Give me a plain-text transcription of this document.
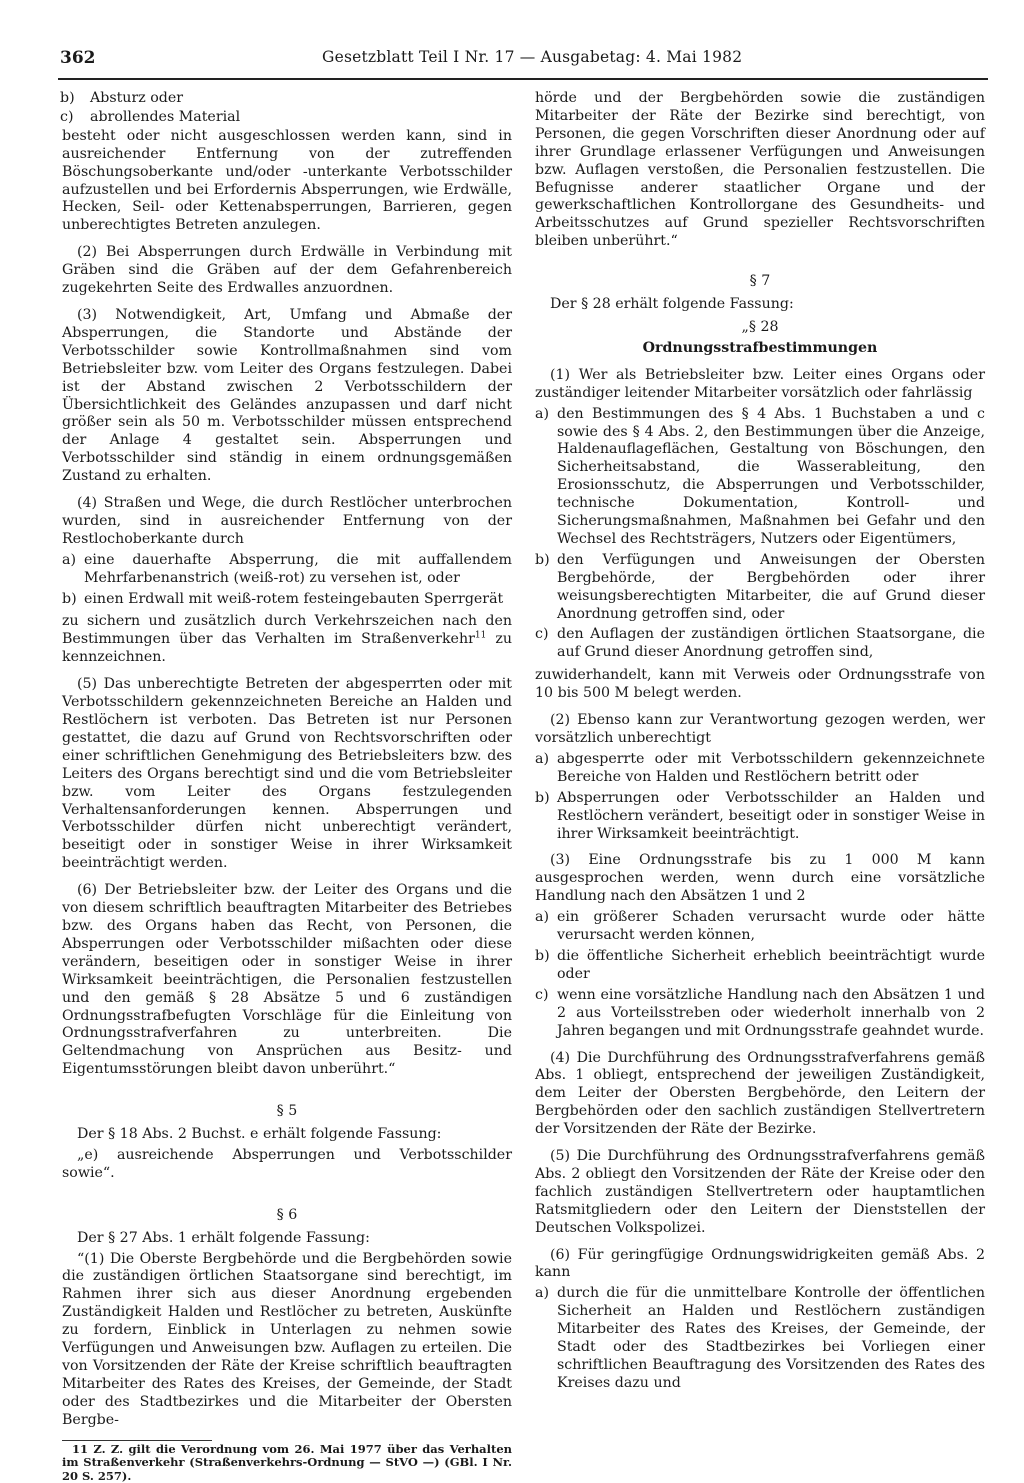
362	Gesetzblatt Teil I Nr. 17 — Ausgabetag: 4. Mai 1982
b) Absturz oder
c) abrollendes Material

besteht oder nicht ausgeschlossen werden kann, sind in ausreichender Entfernung von der zutreffenden Böschungsoberkante und/oder -unterkante Verbotsschilder aufzustellen und bei Erfordernis Absperrungen, wie Erdwälle, Hecken, Seil- oder Kettenabsperrungen, Barrieren, gegen unberechtigtes Betreten anzulegen.

(2) Bei Absperrungen durch Erdwälle in Verbindung mit Gräben sind die Gräben auf der dem Gefahrenbereich zugekehrten Seite des Erdwalles anzuordnen.

(3) Notwendigkeit, Art, Umfang und Abmaße der Absperrungen, die Standorte und Abstände der Verbotsschilder sowie Kontrollmaßnahmen sind vom Betriebsleiter bzw. vom Leiter des Organs festzulegen. Dabei ist der Abstand zwischen 2 Verbotsschildern der Übersichtlichkeit des Geländes anzupassen und darf nicht größer sein als 50 m. Verbotsschilder müssen entsprechend der Anlage 4 gestaltet sein. Absperrungen und Verbotsschilder sind ständig in einem ordnungsgemäßen Zustand zu erhalten.

(4) Straßen und Wege, die durch Restlöcher unterbrochen wurden, sind in ausreichender Entfernung von der Restlochoberkante durch

a) eine dauerhafte Absperrung, die mit auffallendem Mehrfarbenanstrich (weiß-rot) zu versehen ist, oder
b) einen Erdwall mit weiß-rotem festeingebauten Sperrgerät

zu sichern und zusätzlich durch Verkehrszeichen nach den Bestimmungen über das Verhalten im Straßenverkehr$^{11}$ zu kennzeichnen.

(5) Das unberechtigte Betreten der abgesperrten oder mit Verbotsschildern gekennzeichneten Bereiche an Halden und Restlöchern ist verboten. Das Betreten ist nur Personen gestattet, die dazu auf Grund von Rechtsvorschriften oder einer schriftlichen Genehmigung des Betriebsleiters bzw. des Leiters des Organs berechtigt sind und die vom Betriebsleiter bzw. vom Leiter des Organs festzulegenden Verhaltensanforderungen kennen. Absperrungen und Verbotsschilder dürfen nicht unberechtigt verändert, beseitigt oder in sonstiger Weise in ihrer Wirksamkeit beeinträchtigt werden.

(6) Der Betriebsleiter bzw. der Leiter des Organs und die von diesem schriftlich beauftragten Mitarbeiter des Betriebes bzw. des Organs haben das Recht, von Personen, die Absperrungen oder Verbotsschilder mißachten oder diese verändern, beseitigen oder in sonstiger Weise in ihrer Wirksamkeit beeinträchtigen, die Personalien festzustellen und den gemäß § 28 Absätze 5 und 6 zuständigen Ordnungsstrafbefugten Vorschläge für die Einleitung von Ordnungsstrafverfahren zu unterbreiten. Die Geltendmachung von Ansprüchen aus Besitz- und Eigentumsstörungen bleibt davon unberührt.“

§ 5

Der § 18 Abs. 2 Buchst. e erhält folgende Fassung:

„e) ausreichende Absperrungen und Verbotsschilder sowie“.

§ 6

Der § 27 Abs. 1 erhält folgende Fassung:

“(1) Die Oberste Bergbehörde und die Bergbehörden sowie die zuständigen örtlichen Staatsorgane sind berechtigt, im Rahmen ihrer sich aus dieser Anordnung ergebenden Zuständigkeit Halden und Restlöcher zu betreten, Auskünfte zu fordern, Einblick in Unterlagen zu nehmen sowie Verfügungen und Anweisungen bzw. Auflagen zu erteilen. Die von Vorsitzenden der Räte der Kreise schriftlich beauftragten Mitarbeiter des Rates des Kreises, der Gemeinde, der Stadt oder des Stadtbezirkes und die Mitarbeiter der Obersten Bergbe-

11 Z. Z. gilt die Verordnung vom 26. Mai 1977 über das Verhalten im Straßenverkehr (Straßenverkehrs-Ordnung — StVO —) (GBl. I Nr. 20 S. 257).

hörde und der Bergbehörden sowie die zuständigen Mitarbeiter der Räte der Bezirke sind berechtigt, von Personen, die gegen Vorschriften dieser Anordnung oder auf ihrer Grundlage erlassener Verfügungen und Anweisungen bzw. Auflagen verstoßen, die Personalien festzustellen. Die Befugnisse anderer staatlicher Organe und der gewerkschaftlichen Kontrollorgane des Gesundheits- und Arbeitsschutzes auf Grund spezieller Rechtsvorschriften bleiben unberührt.“

§ 7

Der § 28 erhält folgende Fassung:

„§ 28
Ordnungsstrafbestimmungen

(1) Wer als Betriebsleiter bzw. Leiter eines Organs oder zuständiger leitender Mitarbeiter vorsätzlich oder fahrlässig

a) den Bestimmungen des § 4 Abs. 1 Buchstaben a und c sowie des § 4 Abs. 2, den Bestimmungen über die Anzeige, Haldenauflageflächen, Gestaltung von Böschungen, den Sicherheitsabstand, die Wasserableitung, den Erosionsschutz, die Absperrungen und Verbotsschilder, technische Dokumentation, Kontroll- und Sicherungsmaßnahmen, Maßnahmen bei Gefahr und den Wechsel des Rechtsträgers, Nutzers oder Eigentümers,
b) den Verfügungen und Anweisungen der Obersten Bergbehörde, der Bergbehörden oder ihrer weisungsberechtigten Mitarbeiter, die auf Grund dieser Anordnung getroffen sind, oder
c) den Auflagen der zuständigen örtlichen Staatsorgane, die auf Grund dieser Anordnung getroffen sind,

zuwiderhandelt, kann mit Verweis oder Ordnungsstrafe von 10 bis 500 M belegt werden.

(2) Ebenso kann zur Verantwortung gezogen werden, wer vorsätzlich unberechtigt

a) abgesperrte oder mit Verbotsschildern gekennzeichnete Bereiche von Halden und Restlöchern betritt oder
b) Absperrungen oder Verbotsschilder an Halden und Restlöchern verändert, beseitigt oder in sonstiger Weise in ihrer Wirksamkeit beeinträchtigt.

(3) Eine Ordnungsstrafe bis zu 1 000 M kann ausgesprochen werden, wenn durch eine vorsätzliche Handlung nach den Absätzen 1 und 2

a) ein größerer Schaden verursacht wurde oder hätte verursacht werden können,
b) die öffentliche Sicherheit erheblich beeinträchtigt wurde oder
c) wenn eine vorsätzliche Handlung nach den Absätzen 1 und 2 aus Vorteilsstreben oder wiederholt innerhalb von 2 Jahren begangen und mit Ordnungsstrafe geahndet wurde.

(4) Die Durchführung des Ordnungsstrafverfahrens gemäß Abs. 1 obliegt, entsprechend der jeweiligen Zuständigkeit, dem Leiter der Obersten Bergbehörde, den Leitern der Bergbehörden oder den sachlich zuständigen Stellvertretern der Vorsitzenden der Räte der Bezirke.

(5) Die Durchführung des Ordnungsstrafverfahrens gemäß Abs. 2 obliegt den Vorsitzenden der Räte der Kreise oder den fachlich zuständigen Stellvertretern oder hauptamtlichen Ratsmitgliedern oder den Leitern der Dienststellen der Deutschen Volkspolizei.

(6) Für geringfügige Ordnungswidrigkeiten gemäß Abs. 2 kann

a) durch die für die unmittelbare Kontrolle der öffentlichen Sicherheit an Halden und Restlöchern zuständigen Mitarbeiter des Rates des Kreises, der Gemeinde, der Stadt oder des Stadtbezirkes bei Vorliegen einer schriftlichen Beauftragung des Vorsitzenden des Rates des Kreises dazu und
